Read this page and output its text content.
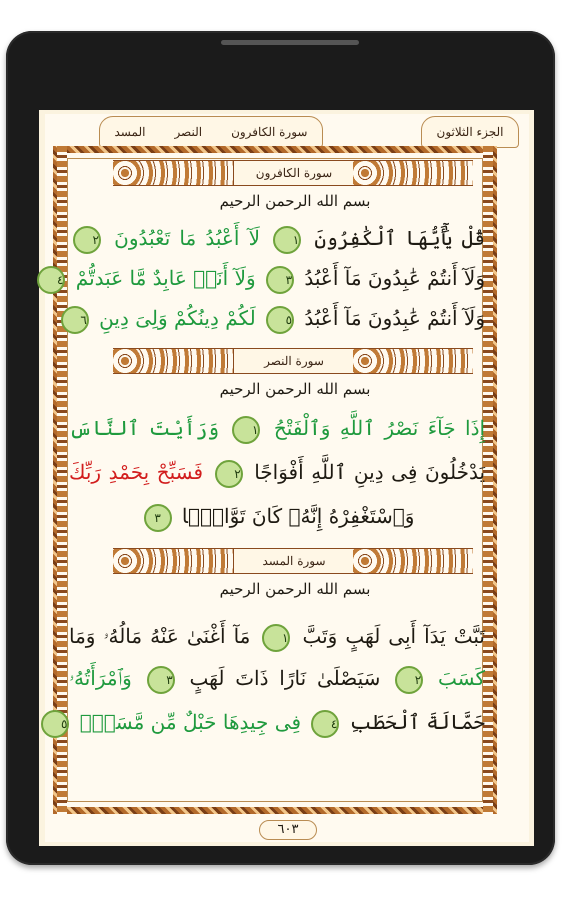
الجزء الثلاثون
سورة الكافرون
النصر
المسد
سورة الكافرون
بسم الله الرحمن الرحيم
قُلْ يَٰٓأَيُّهَا ٱلْكَٰفِرُونَ ١ لَآ أَعْبُدُ مَا تَعْبُدُونَ ٢
وَلَآ أَنتُمْ عَٰبِدُونَ مَآ أَعْبُدُ ٣ وَلَآ أَنَا۠ عَابِدٌ مَّا عَبَدتُّمْ ٤
وَلَآ أَنتُمْ عَٰبِدُونَ مَآ أَعْبُدُ ٥ لَكُمْ دِينُكُمْ وَلِىَ دِينِ ٦
سورة النصر
بسم الله الرحمن الرحيم
إِذَا جَآءَ نَصْرُ ٱللَّهِ وَٱلْفَتْحُ ١ وَرَأَيْتَ ٱلنَّاسَ
يَدْخُلُونَ فِى دِينِ ٱللَّهِ أَفْوَاجًا ٢ فَسَبِّحْ بِحَمْدِ رَبِّكَ
وَٱسْتَغْفِرْهُ إِنَّهُۥ كَانَ تَوَّابًۢا ٣
سورة المسد
بسم الله الرحمن الرحيم
تَبَّتْ يَدَآ أَبِى لَهَبٍ وَتَبَّ ١ مَآ أَغْنَىٰ عَنْهُ مَالُهُۥ وَمَا
كَسَبَ ٢ سَيَصْلَىٰ نَارًا ذَاتَ لَهَبٍ ٣ وَٱمْرَأَتُهُۥ
حَمَّالَةَ ٱلْحَطَبِ ٤ فِى جِيدِهَا حَبْلٌ مِّن مَّسَدٍۭ ٥
٦٠٣
